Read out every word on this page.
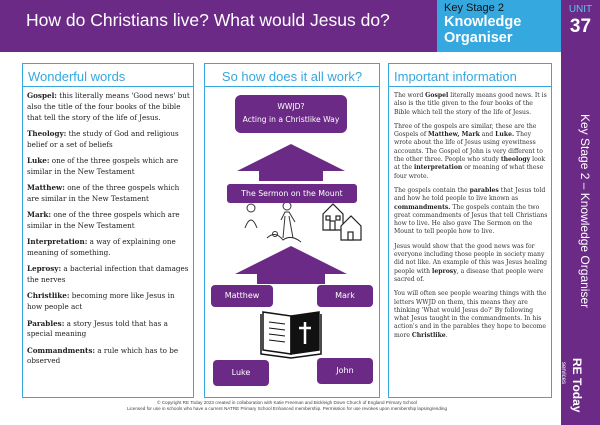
How do Christians live? What would Jesus do?
Key Stage 2
Knowledge
Organiser
UNIT
37
Key Stage 2 – Knowledge Organiser
RE Today
services
Wonderful words
Gospel: this literally means 'Good news' but also the title of the four books of the bible that tell the story of the life of Jesus.
Theology: the study of God and religious belief or a set of beliefs
Luke: one of the three gospels which are similar in the New Testament
Matthew: one of the three gospels which are similar in the New Testament
Mark: one of the three gospels which are similar in the New Testament
Interpretation: a way of explaining one meaning of something.
Leprosy: a bacterial infection that damages the nerves
Christlike: becoming more like Jesus in how people act
Parables: a story Jesus told that has a special meaning
Commandments: a rule which has to be observed
So how does it all work?
WWJD?
Acting in a Christlike Way
The Sermon on the Mount
Matthew	Mark
Luke	John
Important information

The word Gospel literally means good news. It is also is the title given to the four books of the Bible which tell the story of the life of Jesus.

Three of the gospels are similar, these are the Gospels of Matthew, Mark and Luke. They wrote about the life of Jesus using eyewitness accounts. The Gospel of John is very different to the other three. People who study theology look at the interpretation or meaning of what these four wrote.

The gospels contain the parables that Jesus told and how he told people to live known as commandments. The gospels contain the two great commandments of Jesus that tell Christians how to live. He also gave The Sermon on the Mount to tell people how to live.

Jesus would show that the good news was for everyone including those people in society many did not like. An example of this was Jesus healing people with leprosy, a disease that people were sacred of.

You will often see people wearing things with the letters WWJD on them, this means they are thinking 'What would Jesus do?' By following what Jesus taught in the commandments. In his action's and in the parables they hope to become more Christlike.

© Copyright RE Today 2023 created in collaboration with Katie Freeman and Bickleigh Down Church of England Primary School
Licensed for use in schools who have a current NATRE Primary School Enhanced membership. Permission for use revokes upon membership lapsing/ending
